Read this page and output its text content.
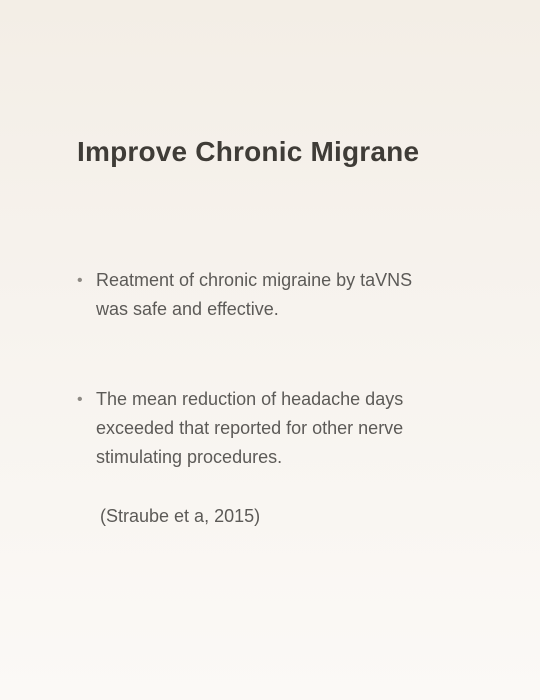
Improve Chronic Migrane
• Reatment of chronic migraine by taVNS was safe and effective.
• The mean reduction of headache days exceeded that reported for other nerve stimulating procedures.
(Straube et a, 2015)
